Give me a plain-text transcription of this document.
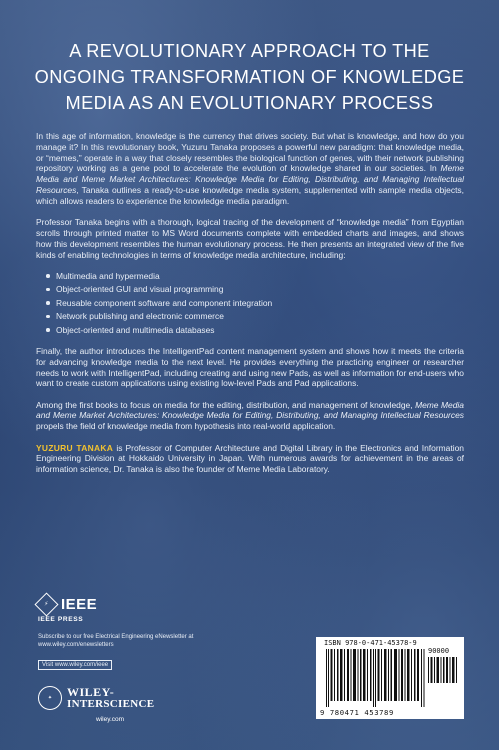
A REVOLUTIONARY APPROACH TO THE
ONGOING TRANSFORMATION OF KNOWLEDGE
MEDIA AS AN EVOLUTIONARY PROCESS

In this age of information, knowledge is the currency that drives society. But what is knowledge, and how do you manage it? In this revolutionary book, Yuzuru Tanaka proposes a powerful new paradigm: that knowledge media, or “memes,” operate in a way that closely resembles the biological function of genes, with their network publishing repository working as a gene pool to accelerate the evolution of knowledge shared in our societies. In Meme Media and Meme Market Architectures: Knowledge Media for Editing, Distributing, and Managing Intellectual Resources, Tanaka outlines a ready-to-use knowledge media system, supplemented with sample media objects, which allows readers to experience the knowledge media paradigm.

Professor Tanaka begins with a thorough, logical tracing of the development of “knowledge media” from Egyptian scrolls through printed matter to MS Word documents complete with embedded charts and images, and shows how this development resembles the human evolutionary process. He then presents an integrated view of the five kinds of enabling technologies in terms of knowledge media architecture, including:

Multimedia and hypermedia
Object-oriented GUI and visual programming
Reusable component software and component integration
Network publishing and electronic commerce
Object-oriented and multimedia databases

Finally, the author introduces the IntelligentPad content management system and shows how it meets the criteria for advancing knowledge media to the next level. He provides everything the practicing engineer or researcher needs to work with IntelligentPad, including creating and using new Pads, as well as information for end-users who want to create custom applications using existing low-level Pads and Pad applications.

Among the first books to focus on media for the editing, distribution, and management of knowledge, Meme Media and Meme Market Architectures: Knowledge Media for Editing, Distributing, and Managing Intellectual Resources propels the field of knowledge media from hypothesis into real-world application.

YUZURU TANAKA is Professor of Computer Architecture and Digital Library in the Electronics and Information Engineering Division at Hokkaido University in Japan. With numerous awards for achievement in the areas of information science, Dr. Tanaka is also the founder of Meme Media Laboratory.

⚡ IEEE
IEEE PRESS
Subscribe to our free Electrical Engineering eNewsletter at www.wiley.com/enewsletters
Visit www.wiley.com/ieee
✦	WILEY-
INTERSCIENCE
wiley.com
ISBN 978-0-471-45378-9
90000
9 780471 453789
